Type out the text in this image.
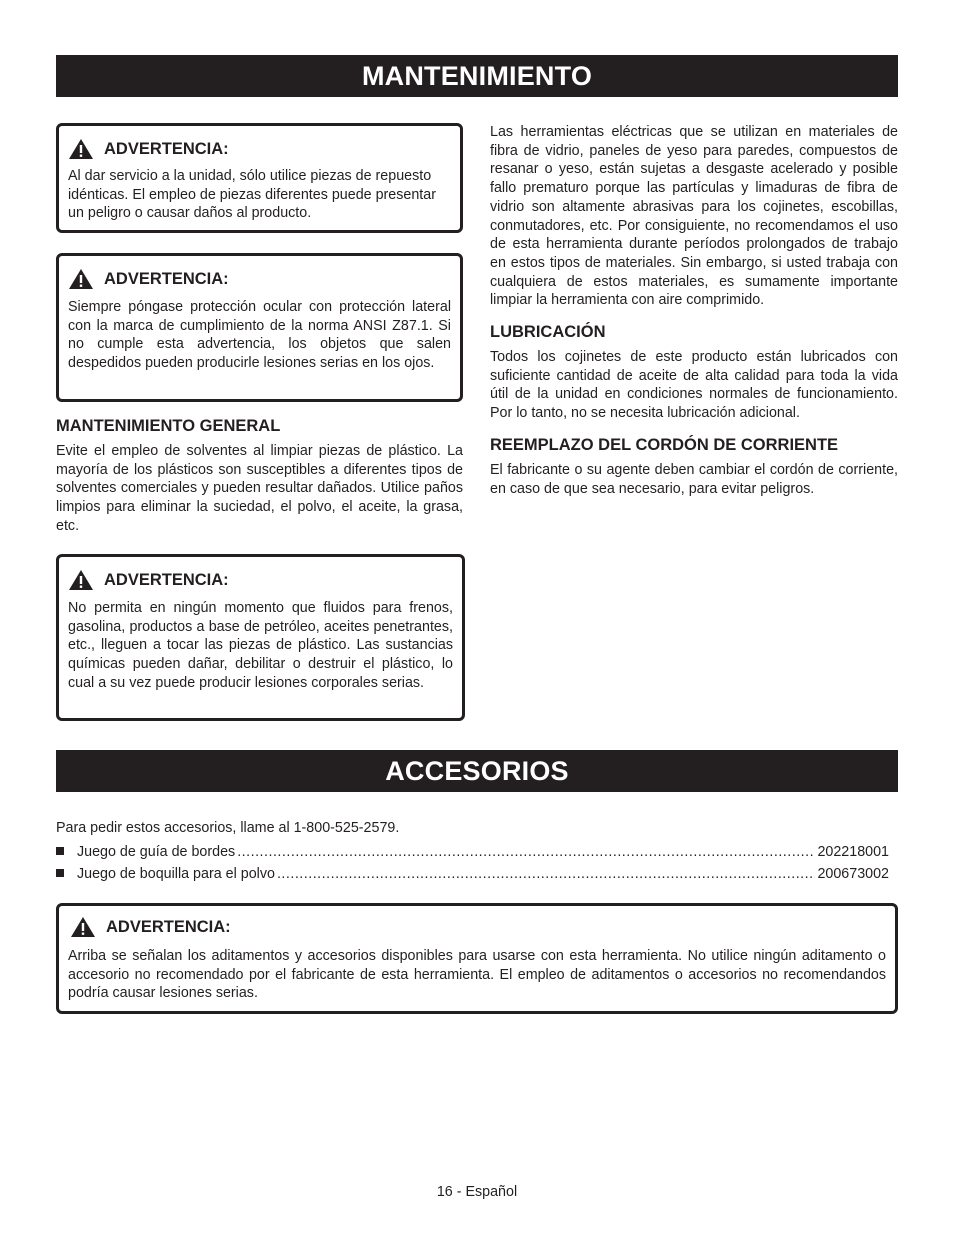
MANTENIMIENTO
ADVERTENCIA:

Al dar servicio a la unidad, sólo utilice piezas de repuesto idénticas. El empleo de piezas diferentes puede presentar un peligro o causar daños al producto.

ADVERTENCIA:

Siempre póngase protección ocular con protección lateral con la marca de cumplimiento de la norma ANSI Z87.1. Si no cumple esta advertencia, los objetos que salen despedidos pueden producirle lesiones serias en los ojos.

MANTENIMIENTO GENERAL

Evite el empleo de solventes al limpiar piezas de plástico. La mayoría de los plásticos son susceptibles a diferentes tipos de solventes comerciales y pueden resultar dañados. Utilice paños limpios para eliminar la suciedad, el polvo, el aceite, la grasa, etc.

ADVERTENCIA:

No permita en ningún momento que fluidos para frenos, gasolina, productos a base de petróleo, aceites penetrantes, etc., lleguen a tocar las piezas de plástico. Las sustancias químicas pueden dañar, debilitar o destruir el plástico, lo cual a su vez puede producir lesiones corporales serias.

Las herramientas eléctricas que se utilizan en materiales de fibra de vidrio, paneles de yeso para paredes, compuestos de resanar o yeso, están sujetas a desgaste acelerado y posible fallo prematuro porque las partículas y limaduras de fibra de vidrio son altamente abrasivas para los cojinetes, escobillas, conmutadores, etc. Por consiguiente, no recomendamos el uso de esta herramienta durante períodos prolongados de trabajo en estos tipos de materiales. Sin embargo, si usted trabaja con cualquiera de estos materiales, es sumamente importante limpiar la herramienta con aire comprimido.

LUBRICACIÓN

Todos los cojinetes de este producto están lubricados con suficiente cantidad de aceite de alta calidad para toda la vida útil de la unidad en condiciones normales de funcionamiento. Por lo tanto, no se necesita lubricación adicional.

REEMPLAZO DEL CORDÓN DE CORRIENTE

El fabricante o su agente deben cambiar el cordón de corriente, en caso de que sea necesario, para evitar peligros.

ACCESORIOS
Para pedir estos accesorios, llame al 1-800-525-2579.
Juego de guía de bordes .....	202218001
Juego de boquilla para el polvo .....	200673002
ADVERTENCIA:

Arriba se señalan los aditamentos y accesorios disponibles para usarse con esta herramienta. No utilice ningún aditamento o accesorio no recomendado por el fabricante de esta herramienta. El empleo de aditamentos o accesorios no recomendandos podría causar lesiones serias.

16 - Español
